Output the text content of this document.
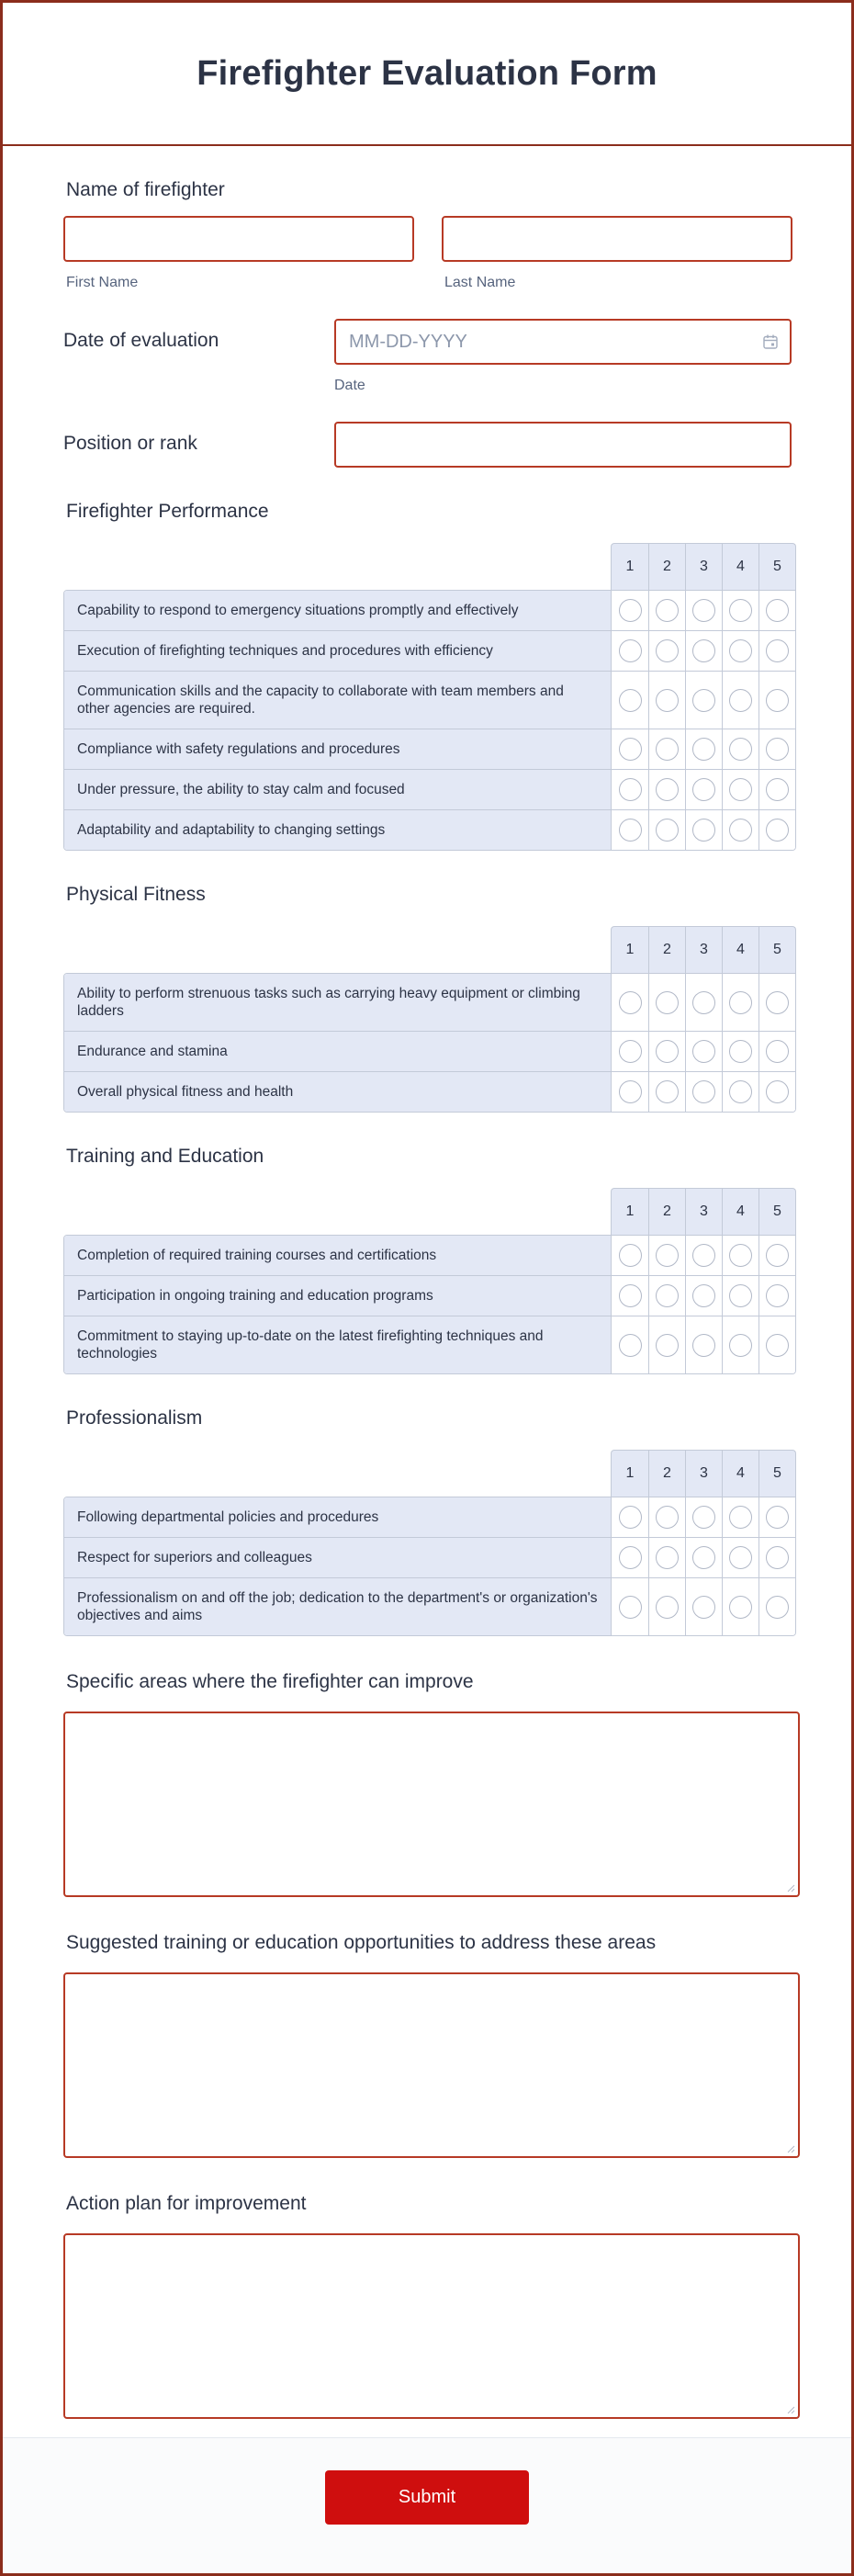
Firefighter Evaluation Form
Name of firefighter
First Name	Last Name
Date of evaluation
MM-DD-YYYY
Date
Position or rank
Firefighter Performance
1	2	3	4	5
Capability to respond to emergency situations promptly and effectively
Execution of firefighting techniques and procedures with efficiency
Communication skills and the capacity to collaborate with team members and other agencies are required.
Compliance with safety regulations and procedures
Under pressure, the ability to stay calm and focused
Adaptability and adaptability to changing settings
Physical Fitness
1	2	3	4	5
Ability to perform strenuous tasks such as carrying heavy equipment or climbing ladders
Endurance and stamina
Overall physical fitness and health
Training and Education
1	2	3	4	5
Completion of required training courses and certifications
Participation in ongoing training and education programs
Commitment to staying up-to-date on the latest firefighting techniques and technologies
Professionalism
1	2	3	4	5
Following departmental policies and procedures
Respect for superiors and colleagues
Professionalism on and off the job; dedication to the department's or organization's objectives and aims
Specific areas where the firefighter can improve
Suggested training or education opportunities to address these areas
Action plan for improvement
Submit
